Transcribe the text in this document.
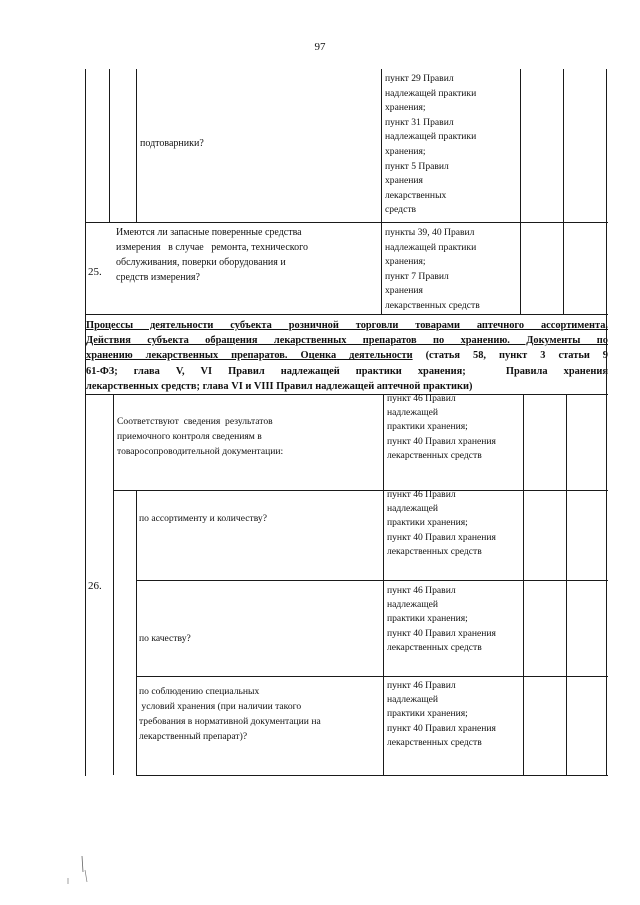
97
подтоварники?
пункт 29 Правил
надлежащей практики
хранения;
пункт 31 Правил
надлежащей практики
хранения;
пункт 5 Правил
хранения
лекарственных
средств
25.
Имеются ли запасные поверенные средства
измерения   в случае   ремонта, технического
обслуживания, поверки оборудования и
средств измерения?
пункты 39, 40 Правил
надлежащей практики
хранения;
пункт 7 Правил
хранения
лекарственных средств
Процессы деятельности субъекта розничной торговли товарами аптечного ассортимента.
Действия субъекта обращения лекарственных препаратов по хранению. Документы по
хранению лекарственных препаратов. Оценка деятельности (статья 58, пункт 3 статьи 9
61-ФЗ;  глава  V,  VI  Правил  надлежащей  практики  хранения;     Правила  хранения
лекарственных средств; глава VI и VIII Правил надлежащей аптечной практики)
26.
Соответствуют  сведения  результатов
приемочного контроля сведениям в
товаросопроводительной документации:
пункт 46 Правил
надлежащей
практики хранения;
пункт 40 Правил хранения
лекарственных средств
по ассортименту и количеству?
пункт 46 Правил
надлежащей
практики хранения;
пункт 40 Правил хранения
лекарственных средств
по качеству?
пункт 46 Правил
надлежащей
практики хранения;
пункт 40 Правил хранения
лекарственных средств
по соблюдению специальных
условий хранения (при наличии такого
требования в нормативной документации на
лекарственный препарат)?
пункт 46 Правил
надлежащей
практики хранения;
пункт 40 Правил хранения
лекарственных средств
